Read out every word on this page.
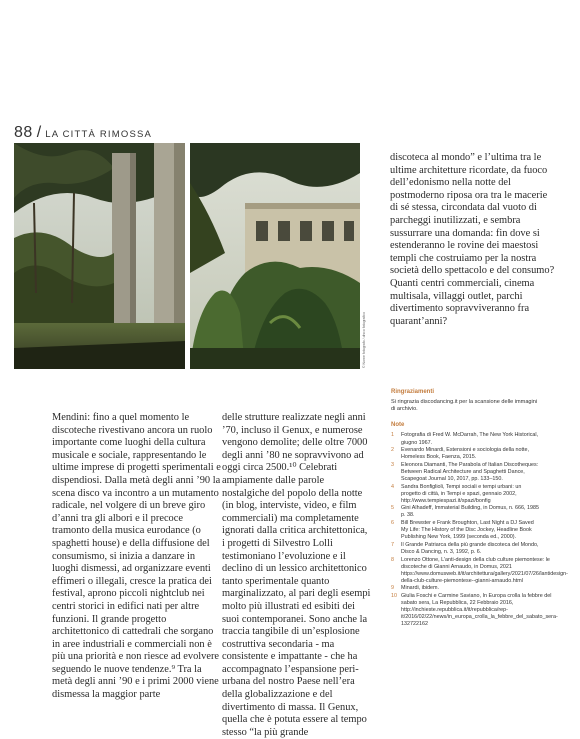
88 / LA CITTÀ RIMOSSA
© Nome fotografo / disco fotografico

discoteca al mondo” e l’ultima tra le ultime architetture ricordate, da fuoco dell’edonismo nella notte del postmoderno riposa ora tra le macerie di sé stessa, circondata dal vuoto di parcheggi inutilizzati, e sembra sussurrare una domanda: fin dove si estenderanno le rovine dei maestosi templi che costruiamo per la nostra società dello spettacolo e del consumo? Quanti centri commerciali, cinema multisala, villaggi outlet, parchi divertimento sopravviveranno fra quarant’anni?

Mendini: fino a quel momento le discoteche rivestivano ancora un ruolo importante come luoghi della cultura musicale e sociale, rappresentando le ultime imprese di progetti sperimentali e dispendiosi. Dalla metà degli anni ’90 la scena disco va incontro a un mutamento radicale, nel volgere di un breve giro d’anni tra gli albori e il precoce tramonto della musica eurodance (o spaghetti house) e della diffusione del consumismo, si inizia a danzare in luoghi dismessi, ad organizzare eventi effimeri o illegali, cresce la pratica dei festival, aprono piccoli nightclub nei centri storici in edifici nati per altre funzioni. Il grande progetto architettonico di cattedrali che sorgano in aree industriali e commerciali non è più una priorità e non riesce ad evolvere seguendo le nuove tendenze.⁹ Tra la metà degli anni ’90 e i primi 2000 viene dismessa la maggior parte

delle strutture realizzate negli anni ’70, incluso il Genux, e numerose vengono demolite; delle oltre 7000 degli anni ’80 ne sopravvivono ad oggi circa 2500.¹⁰ Celebrati ampiamente dalle parole nostalgiche del popolo della notte (in blog, interviste, video, e film commerciali) ma completamente ignorati dalla critica architettonica, i progetti di Silvestro Lolli testimoniano l’evoluzione e il declino di un lessico architettonico tanto sperimentale quanto marginalizzato, al pari degli esempi molto più illustrati ed esibiti dei suoi contemporanei. Sono anche la traccia tangibile di un’esplosione costruttiva secondaria - ma consistente e impattante - che ha accompagnato l’espansione peri-urbana del nostro Paese nell’era della globalizzazione e del divertimento di massa. Il Genux, quella che è potuta essere al tempo stesso “la più grande

Ringraziamenti
Si ringrazia discodancing.it per la scansione delle immagini di archivio.
Note
1	Fotografia di Fred W. McDarrah, The New York Historical, giugno 1967.
2	Evenardo Minardi, Estensioni e sociologia della notte, Homeless Book, Faenza, 2015.
3	Eleonora Diamanti, The Parabola of Italian Discotheques: Between Radical Architecture and Spaghetti Dance, Scapegoat Journal 10, 2017, pp. 133–150.
4	Sandra Bonfiglioli, Tempi sociali e tempi urbani: un progetto di città, in Tempi e spazi, gennaio 2002, http://www.tempiespazi.it/spazi/bonfig
5	Gini Alhadeff, Immaterial Building, in Domus, n. 666, 1985 p. 38.
6	Bill Brewster e Frank Broughton, Last Night a DJ Saved My Life: The History of the Disc Jockey, Headline Book Publishing New York, 1999 (seconda ed., 2000).
7	Il Grande Patriarca della più grande discoteca del Mondo, Disco & Dancing, n. 3, 1992, p. 6.
8	Lorenzo Ottone, L’anti-design della club culture piemontese: le discoteche di Gianni Arnaudo, in Domus, 2021 https://www.domusweb.it/it/architettura/gallery/2021/07/26/lantidesign-della-club-culture-piemontese--gianni-arnaudo.html
9	Minardi, ibidem.
10 Giulia Foschi e Carmine Saviano, In Europa crolla la febbre del sabato sera, La Repubblica, 22 Febbraio 2016, http://inchieste.repubblica.it/it/repubblica/rep-it/2016/02/22/news/in_europa_crolla_la_febbre_del_sabato_sera-132722162
